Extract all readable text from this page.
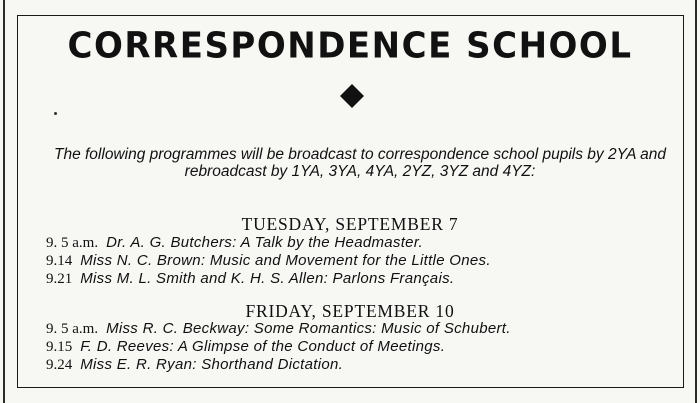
CORRESPONDENCE SCHOOL
The following programmes will be broadcast to correspondence school pupils by 2YA and rebroadcast by 1YA, 3YA, 4YA, 2YZ, 3YZ and 4YZ:
TUESDAY, SEPTEMBER 7
9. 5 a.m. Dr. A. G. Butchers: A Talk by the Headmaster.
9.14 Miss N. C. Brown: Music and Movement for the Little Ones.
9.21 Miss M. L. Smith and K. H. S. Allen: Parlons Français.
FRIDAY, SEPTEMBER 10
9. 5 a.m. Miss R. C. Beckway: Some Romantics: Music of Schubert.
9.15 F. D. Reeves: A Glimpse of the Conduct of Meetings.
9.24 Miss E. R. Ryan: Shorthand Dictation.
